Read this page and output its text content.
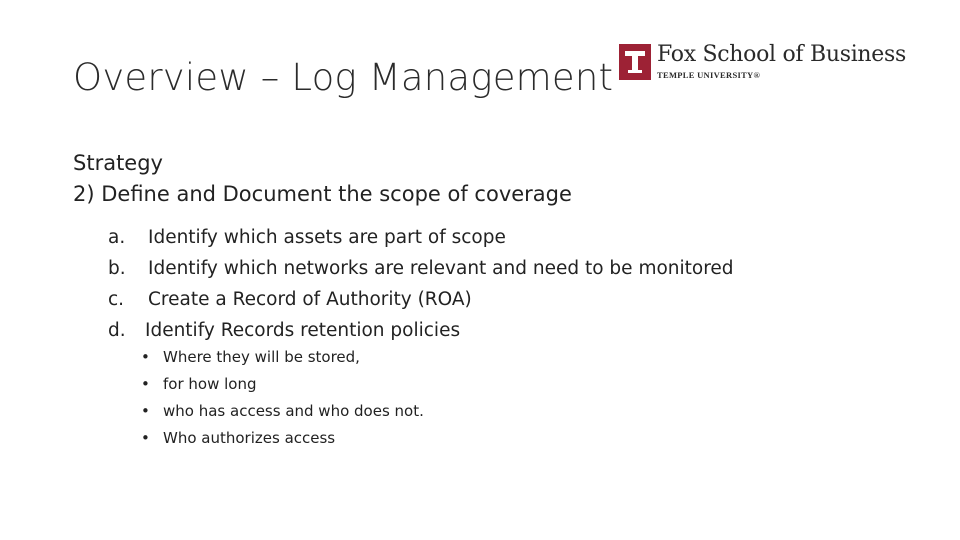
Overview – Log Management
Fox School of Business
TEMPLE UNIVERSITY®

Strategy

2) Define and Document the scope of coverage

a. Identify which assets are part of scope
b. Identify which networks are relevant and need to be monitored
c. Create a Record of Authority (ROA)
d. Identify Records retention policies
• Where they will be stored,
• for how long
• who has access and who does not.
• Who authorizes access
